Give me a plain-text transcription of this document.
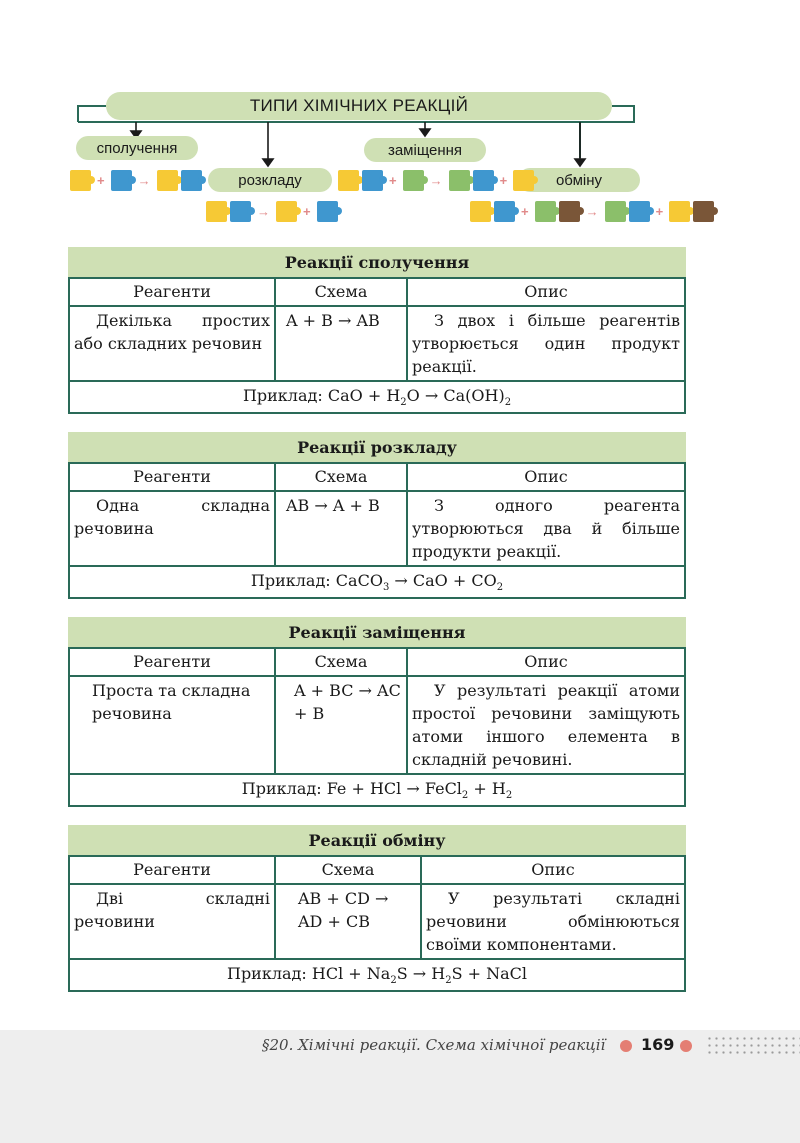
ТИПИ ХІМІЧНИХ РЕАКЦІЙ
сполучення
розкладу
заміщення
обміну
+	→
→	+
+	→	+
+	→	+
Реакції сполучення
Реагенти	Схема	Опис
Декілька простих або складних речовин	A + B → AB	З двох і більше реагентів утворюється один продукт реакції.
Приклад: CaO + $H_2O \to Ca(OH)_2$
Реакції розкладу
Реагенти	Схема	Опис
Одна складна речовина	AB → A + B	З одного реагента утворюються два й більше продукти реакції.
Приклад: CaCO$_3$ → CaO + $CO_2$
Реакції заміщення
Реагенти	Схема	Опис
Проста та складна речовина	A + BC → AC + B	У результаті реакції атоми простої речовини заміщують атоми іншого елемента в складній речовині.
Приклад: Fe + HCl → FeCl$_2$ + $H_2$
Реакції обміну
Реагенти	Схема	Опис
Дві складні речовини	AB + CD → AD + CB	У результаті складні речовини обмінюються своїми компонентами.
Приклад: HCl + $Na_2S \to H_2S$ + NaCl		
§20. Хімічні реакції. Схема хімічної реакції 169
